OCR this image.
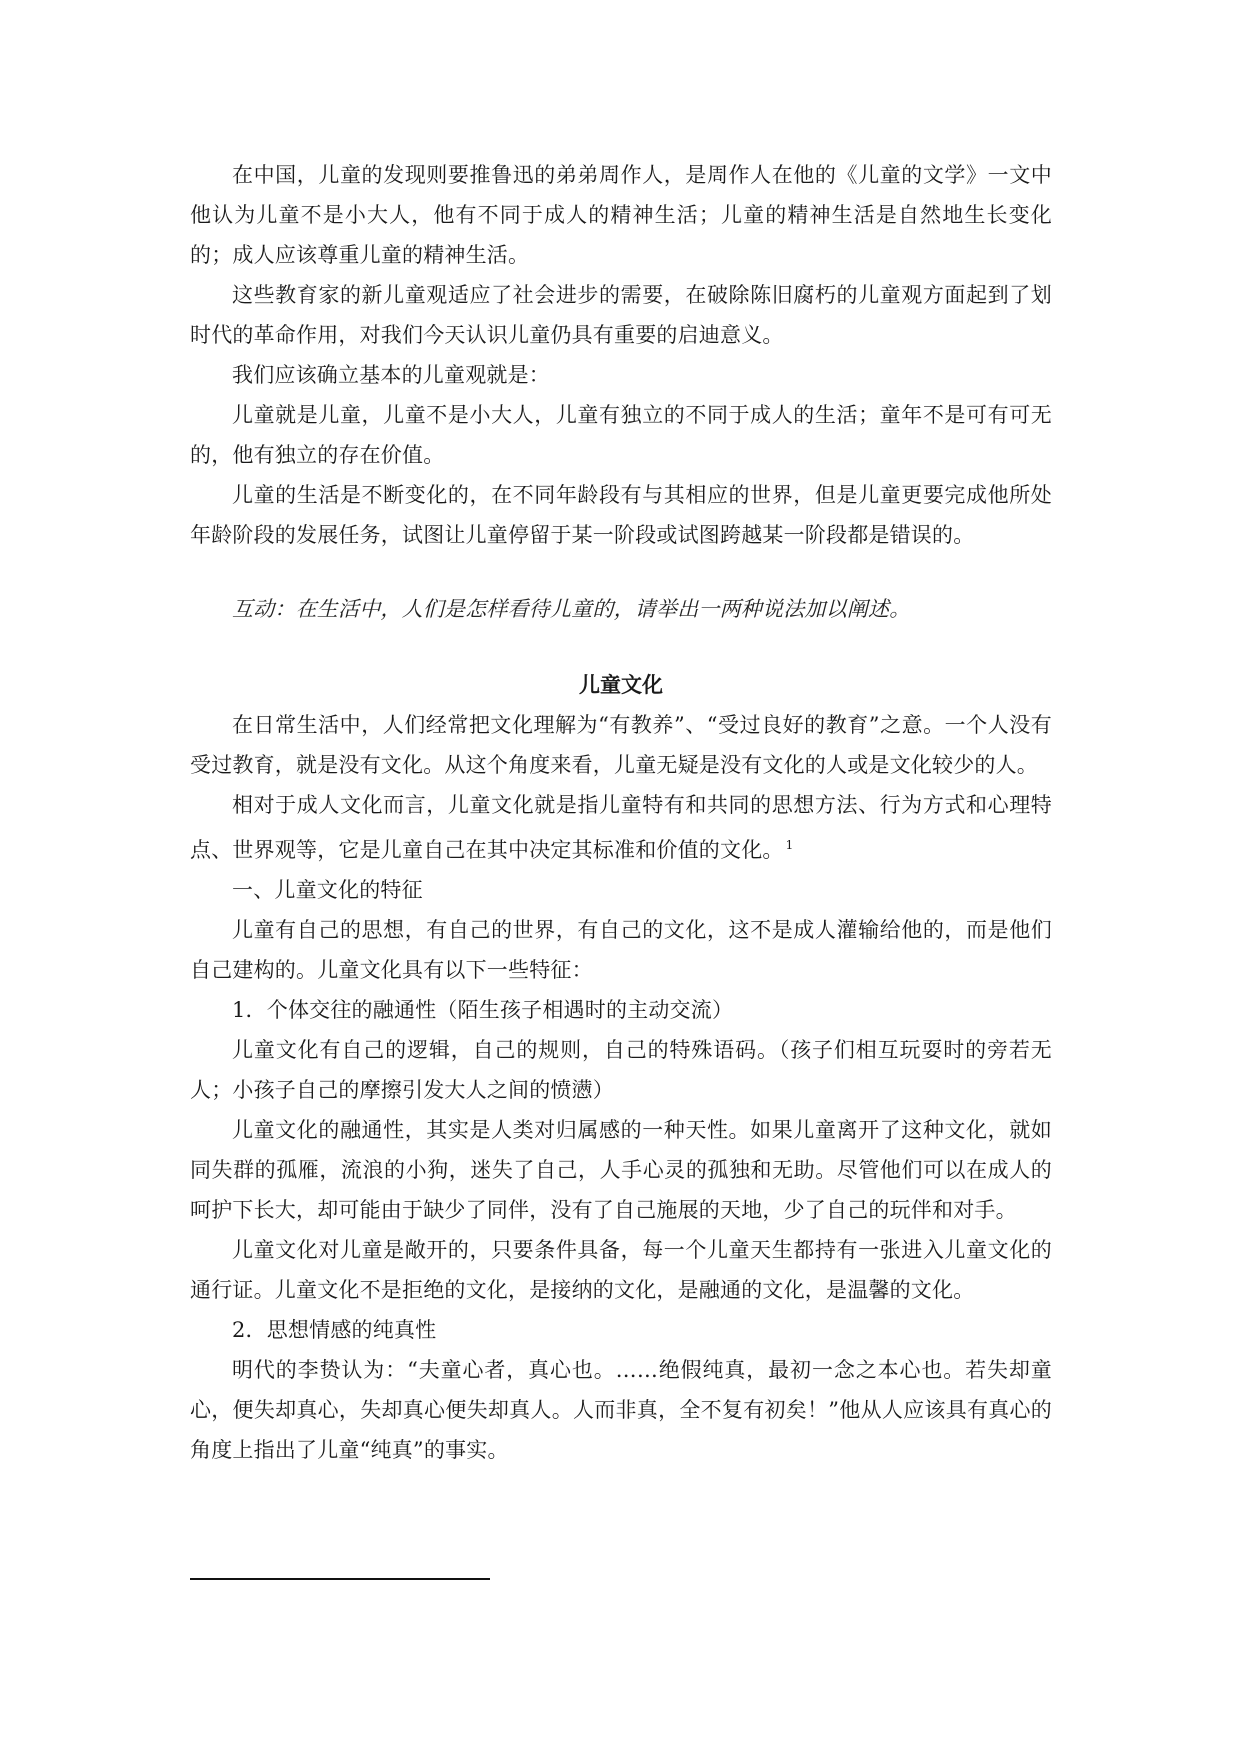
在中国，儿童的发现则要推鲁迅的弟弟周作人，是周作人在他的《儿童的文学》一文中他认为儿童不是小大人，他有不同于成人的精神生活；儿童的精神生活是自然地生长变化的；成人应该尊重儿童的精神生活。

这些教育家的新儿童观适应了社会进步的需要，在破除陈旧腐朽的儿童观方面起到了划时代的革命作用，对我们今天认识儿童仍具有重要的启迪意义。

我们应该确立基本的儿童观就是：

儿童就是儿童，儿童不是小大人，儿童有独立的不同于成人的生活；童年不是可有可无的，他有独立的存在价值。

儿童的生活是不断变化的，在不同年龄段有与其相应的世界，但是儿童更要完成他所处年龄阶段的发展任务，试图让儿童停留于某一阶段或试图跨越某一阶段都是错误的。

互动：在生活中，人们是怎样看待儿童的，请举出一两种说法加以阐述。

儿童文化

在日常生活中，人们经常把文化理解为“有教养”、“受过良好的教育”之意。一个人没有受过教育，就是没有文化。从这个角度来看，儿童无疑是没有文化的人或是文化较少的人。

相对于成人文化而言，儿童文化就是指儿童特有和共同的思想方法、行为方式和心理特点、世界观等，它是儿童自己在其中决定其标准和价值的文化。 $^1$

一、儿童文化的特征

儿童有自己的思想，有自己的世界，有自己的文化，这不是成人灌输给他的，而是他们自己建构的。儿童文化具有以下一些特征：

1．个体交往的融通性（陌生孩子相遇时的主动交流）

儿童文化有自己的逻辑，自己的规则，自己的特殊语码。（孩子们相互玩耍时的旁若无人；小孩子自己的摩擦引发大人之间的愤懑）

儿童文化的融通性，其实是人类对归属感的一种天性。如果儿童离开了这种文化，就如同失群的孤雁，流浪的小狗，迷失了自己，人手心灵的孤独和无助。尽管他们可以在成人的呵护下长大，却可能由于缺少了同伴，没有了自己施展的天地，少了自己的玩伴和对手。

儿童文化对儿童是敞开的，只要条件具备，每一个儿童天生都持有一张进入儿童文化的通行证。儿童文化不是拒绝的文化，是接纳的文化，是融通的文化，是温馨的文化。

2．思想情感的纯真性

明代的李贽认为：“夫童心者，真心也。……绝假纯真，最初一念之本心也。若失却童心，便失却真心，失却真心便失却真人。人而非真，全不复有初矣！”他从人应该具有真心的角度上指出了儿童“纯真”的事实。
